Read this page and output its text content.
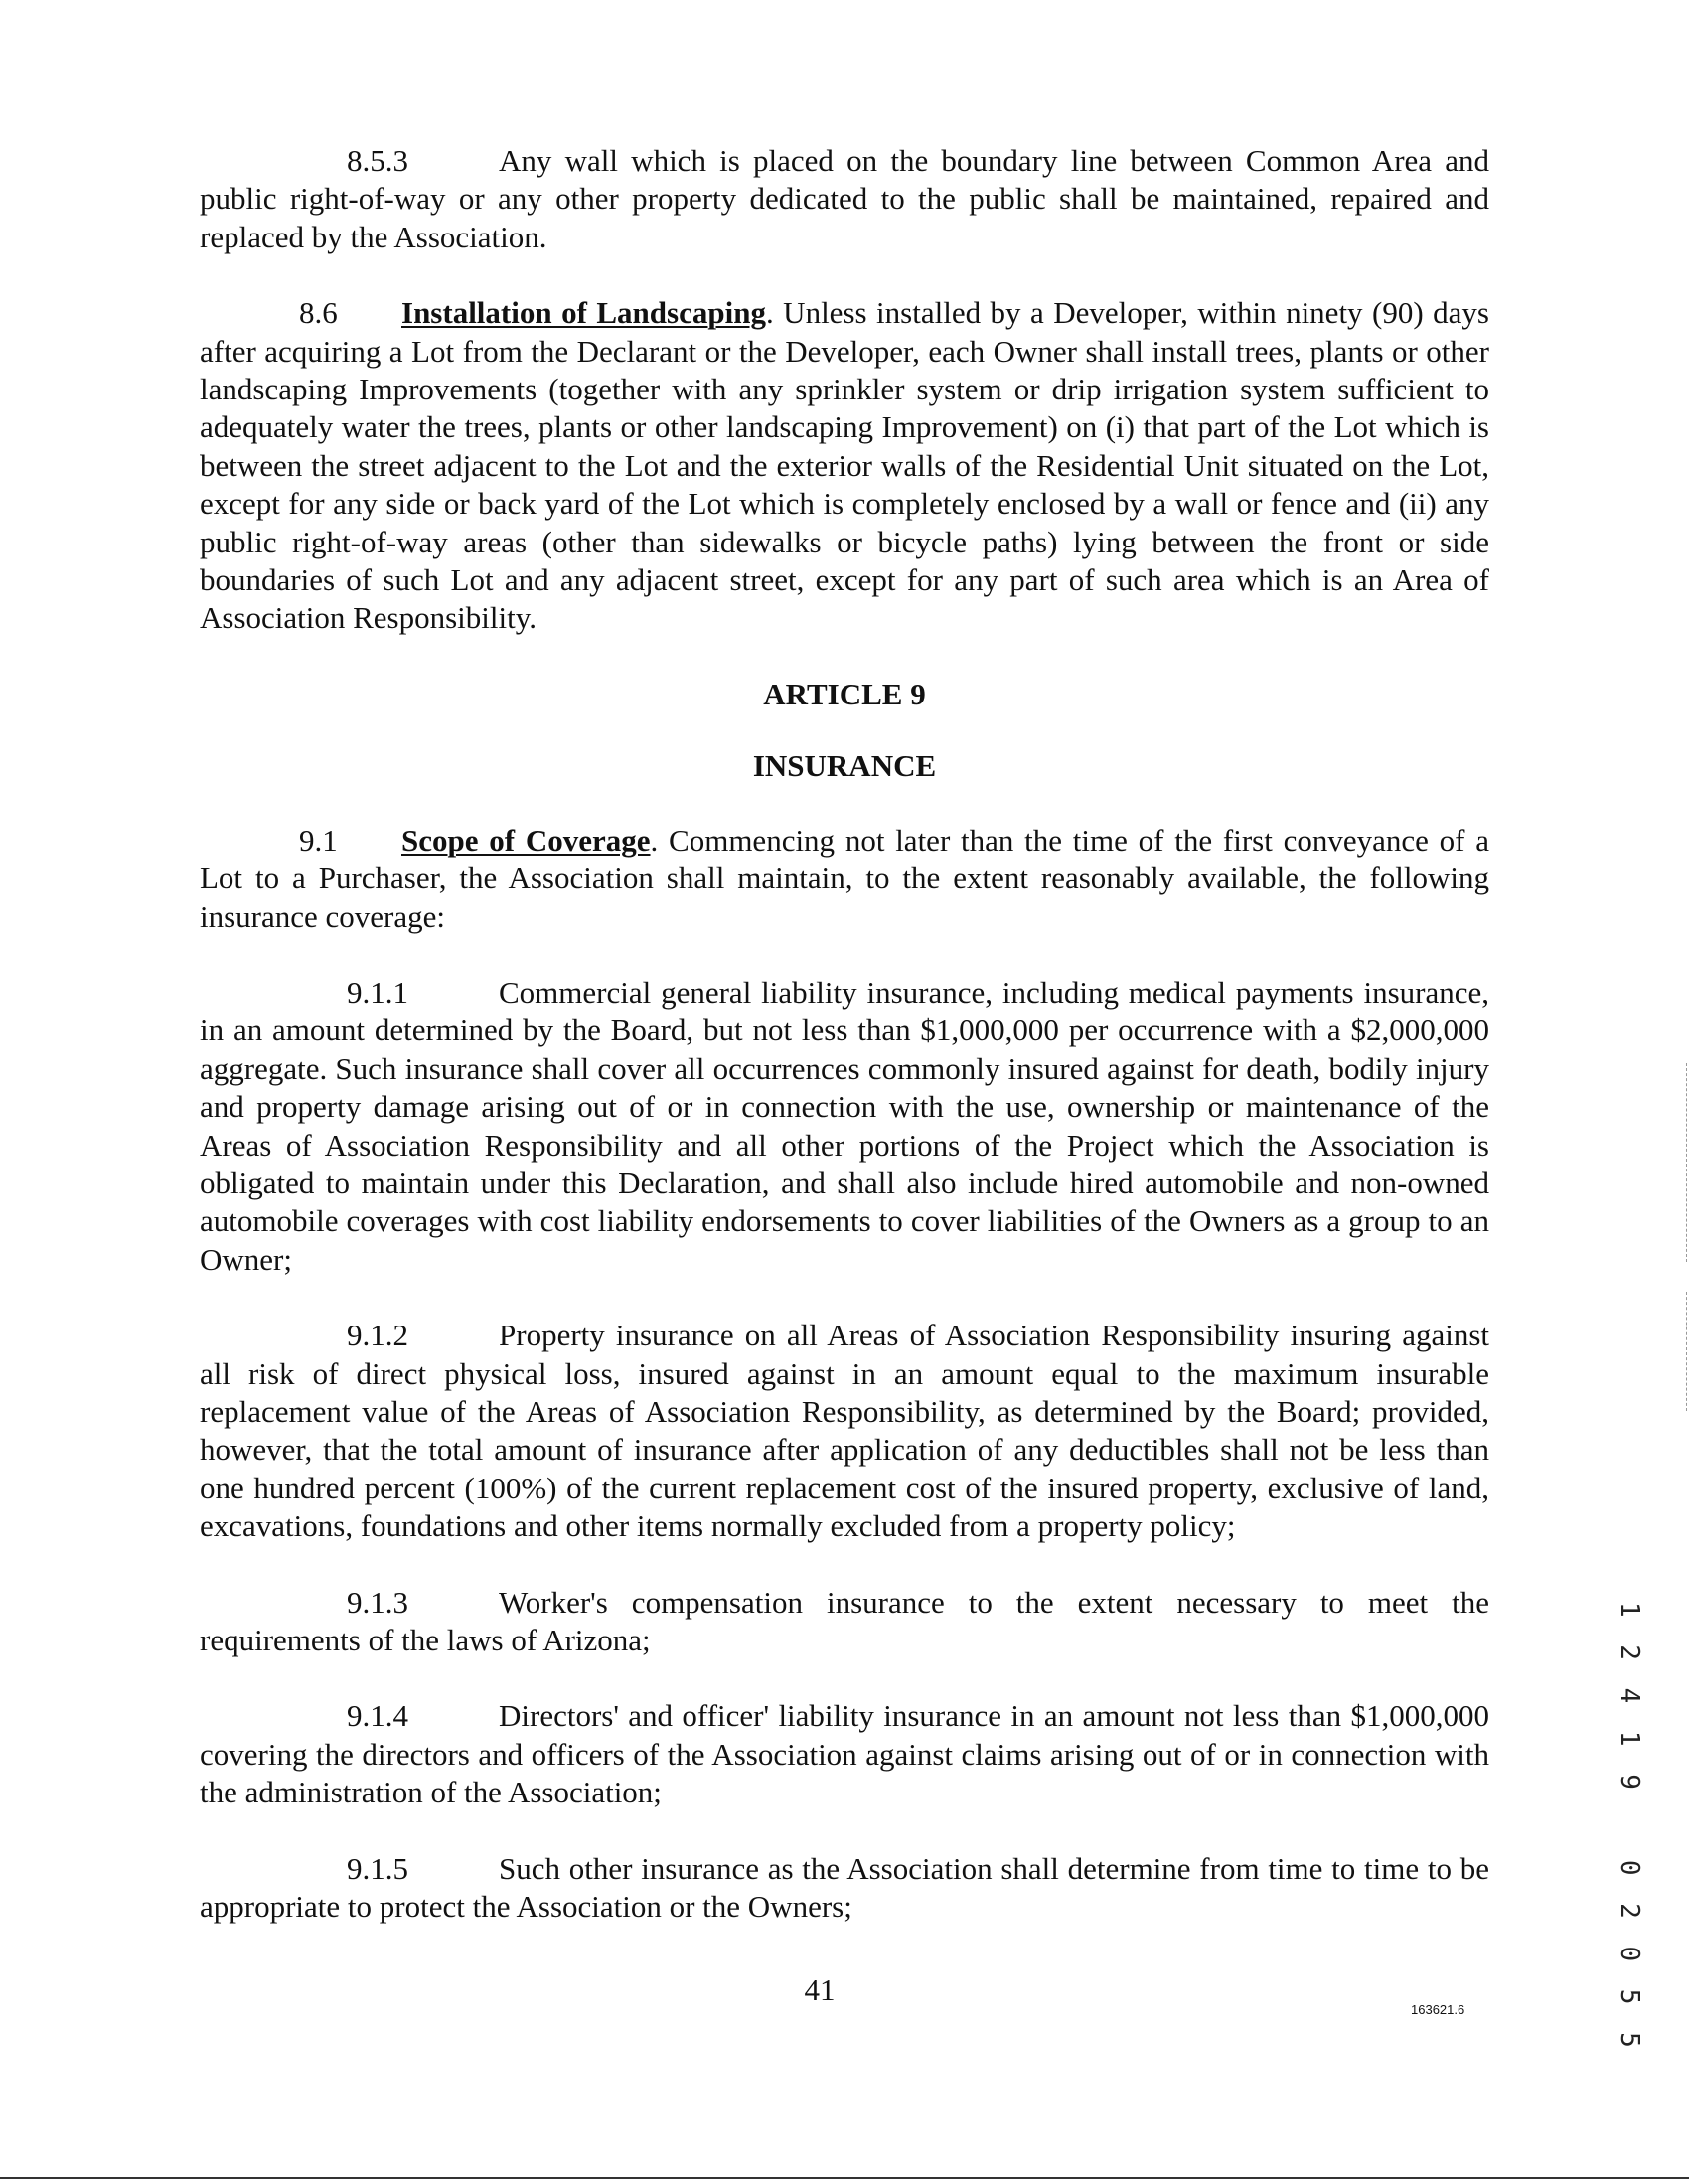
8.5.3	Any wall which is placed on the boundary line between Common Area and public right-of-way or any other property dedicated to the public shall be maintained, repaired and replaced by the Association.

8.6 Installation of Landscaping. Unless installed by a Developer, within ninety (90) days after acquiring a Lot from the Declarant or the Developer, each Owner shall install trees, plants or other landscaping Improvements (together with any sprinkler system or drip irrigation system sufficient to adequately water the trees, plants or other landscaping Improvement) on (i) that part of the Lot which is between the street adjacent to the Lot and the exterior walls of the Residential Unit situated on the Lot, except for any side or back yard of the Lot which is completely enclosed by a wall or fence and (ii) any public right-of-way areas (other than sidewalks or bicycle paths) lying between the front or side boundaries of such Lot and any adjacent street, except for any part of such area which is an Area of Association Responsibility.

ARTICLE 9

INSURANCE

9.1 Scope of Coverage. Commencing not later than the time of the first conveyance of a Lot to a Purchaser, the Association shall maintain, to the extent reasonably available, the following insurance coverage:

9.1.1	Commercial general liability insurance, including medical payments insurance, in an amount determined by the Board, but not less than $1,000,000 per occurrence with a $2,000,000 aggregate. Such insurance shall cover all occurrences commonly insured against for death, bodily injury and property damage arising out of or in connection with the use, ownership or maintenance of the Areas of Association Responsibility and all other portions of the Project which the Association is obligated to maintain under this Declaration, and shall also include hired automobile and non-owned automobile coverages with cost liability endorsements to cover liabilities of the Owners as a group to an Owner;

9.1.2	Property insurance on all Areas of Association Responsibility insuring against all risk of direct physical loss, insured against in an amount equal to the maximum insurable replacement value of the Areas of Association Responsibility, as determined by the Board; provided, however, that the total amount of insurance after application of any deductibles shall not be less than one hundred percent (100%) of the current replacement cost of the insured property, exclusive of land, excavations, foundations and other items normally excluded from a property policy;

9.1.3	Worker's compensation insurance to the extent necessary to meet the requirements of the laws of Arizona;

9.1.4	Directors' and officer' liability insurance in an amount not less than $1,000,000 covering the directors and officers of the Association against claims arising out of or in connection with the administration of the Association;

9.1.5	Such other insurance as the Association shall determine from time to time to be appropriate to protect the Association or the Owners;

41
163621.6	1 2 4 1 9   0 2 0 5 5
